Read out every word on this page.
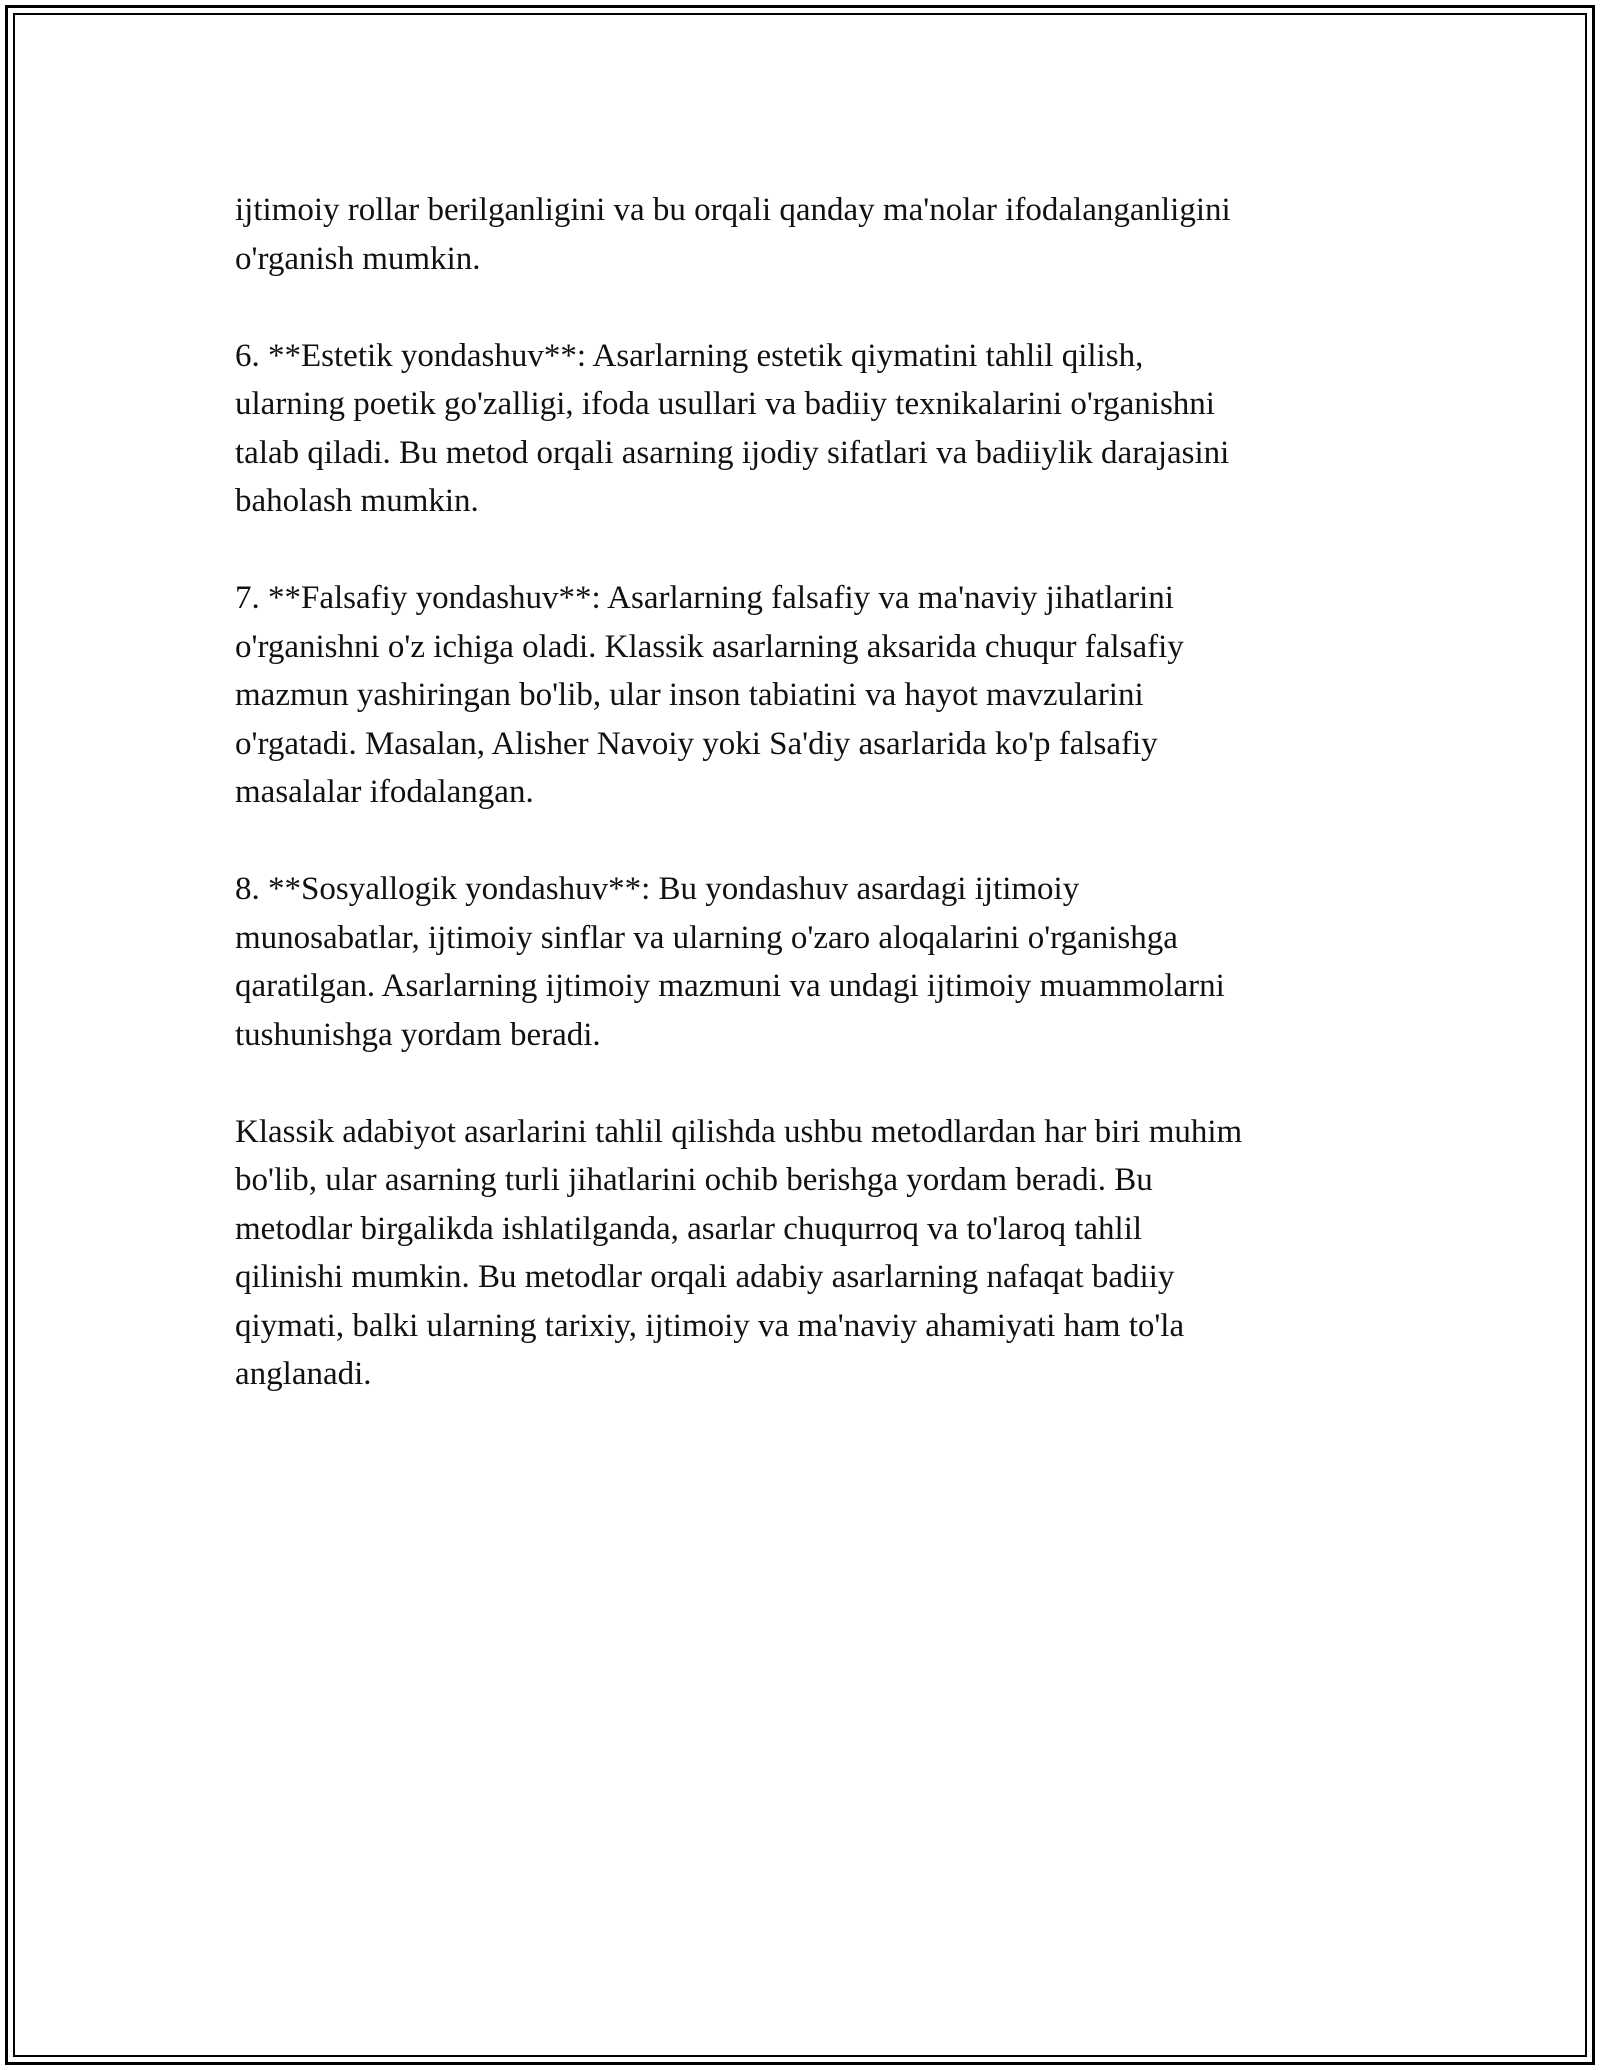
ijtimoiy rollar berilganligini va bu orqali qanday ma'nolar ifodalanganligini
o'rganish mumkin.

6. **Estetik yondashuv**: Asarlarning estetik qiymatini tahlil qilish,
ularning poetik go'zalligi, ifoda usullari va badiiy texnikalarini o'rganishni
talab qiladi. Bu metod orqali asarning ijodiy sifatlari va badiiylik darajasini
baholash mumkin.

7. **Falsafiy yondashuv**: Asarlarning falsafiy va ma'naviy jihatlarini
o'rganishni o'z ichiga oladi. Klassik asarlarning aksarida chuqur falsafiy
mazmun yashiringan bo'lib, ular inson tabiatini va hayot mavzularini
o'rgatadi. Masalan, Alisher Navoiy yoki Sa'diy asarlarida ko'p falsafiy
masalalar ifodalangan.

8. **Sosyallogik yondashuv**: Bu yondashuv asardagi ijtimoiy
munosabatlar, ijtimoiy sinflar va ularning o'zaro aloqalarini o'rganishga
qaratilgan. Asarlarning ijtimoiy mazmuni va undagi ijtimoiy muammolarni
tushunishga yordam beradi.

Klassik adabiyot asarlarini tahlil qilishda ushbu metodlardan har biri muhim
bo'lib, ular asarning turli jihatlarini ochib berishga yordam beradi. Bu
metodlar birgalikda ishlatilganda, asarlar chuqurroq va to'laroq tahlil
qilinishi mumkin. Bu metodlar orqali adabiy asarlarning nafaqat badiiy
qiymati, balki ularning tarixiy, ijtimoiy va ma'naviy ahamiyati ham to'la
anglanadi.
